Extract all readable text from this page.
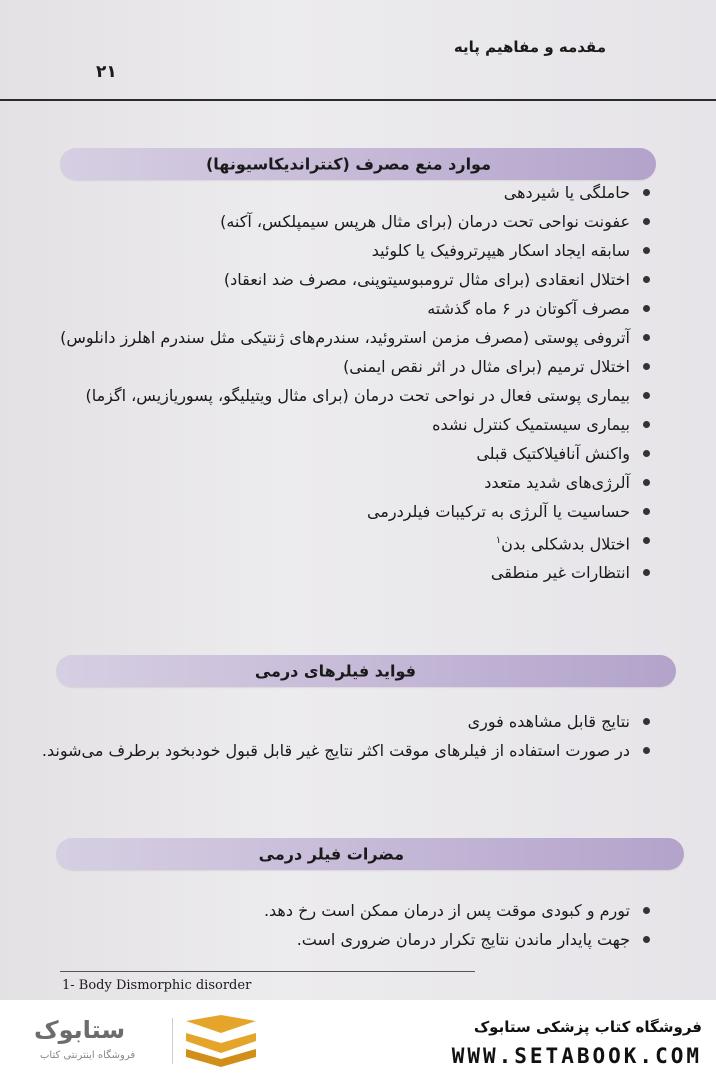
مقدمه و مفاهیم پایه
۲۱
موارد منع مصرف (کنتراندیکاسیونها)
حاملگی یا شیردهی
عفونت نواحی تحت درمان (برای مثال هرپس سیمپلکس، آکنه)
سابقه ایجاد اسکار هیپرتروفیک یا کلوئید
اختلال انعقادی (برای مثال ترومبوسیتوپنی، مصرف ضد انعقاد)
مصرف آکوتان در ۶ ماه گذشته
آتروفی پوستی (مصرف مزمن استروئید، سندرم‌های ژنتیکی مثل سندرم اهلرز دانلوس)
اختلال ترمیم (برای مثال در اثر نقص ایمنی)
بیماری پوستی فعال در نواحی تحت درمان (برای مثال ویتیلیگو، پسوریازیس، اگزما)
بیماری سیستمیک کنترل نشده
واکنش آنافیلاکتیک قبلی
آلرژی‌های شدید متعدد
حساسیت یا آلرژی به ترکیبات فیلردرمی
اختلال بدشکلی بدن$^۱$
انتظارات غیر منطقی
فواید فیلرهای درمی
نتایج قابل مشاهده فوری
در صورت استفاده از فیلرهای موقت اکثر نتایج غیر قابل قبول خودبخود برطرف می‌شوند.
مضرات فیلر درمی
تورم و کبودی موقت پس از درمان ممکن است رخ دهد.
جهت پایدار ماندن نتایج تکرار درمان ضروری است.
1- Body Dismorphic disorder
فروشگاه کتاب پزشکی ستابوک
WWW.SETABOOK.COM
ستابوک
فروشگاه اینترنتی کتاب
